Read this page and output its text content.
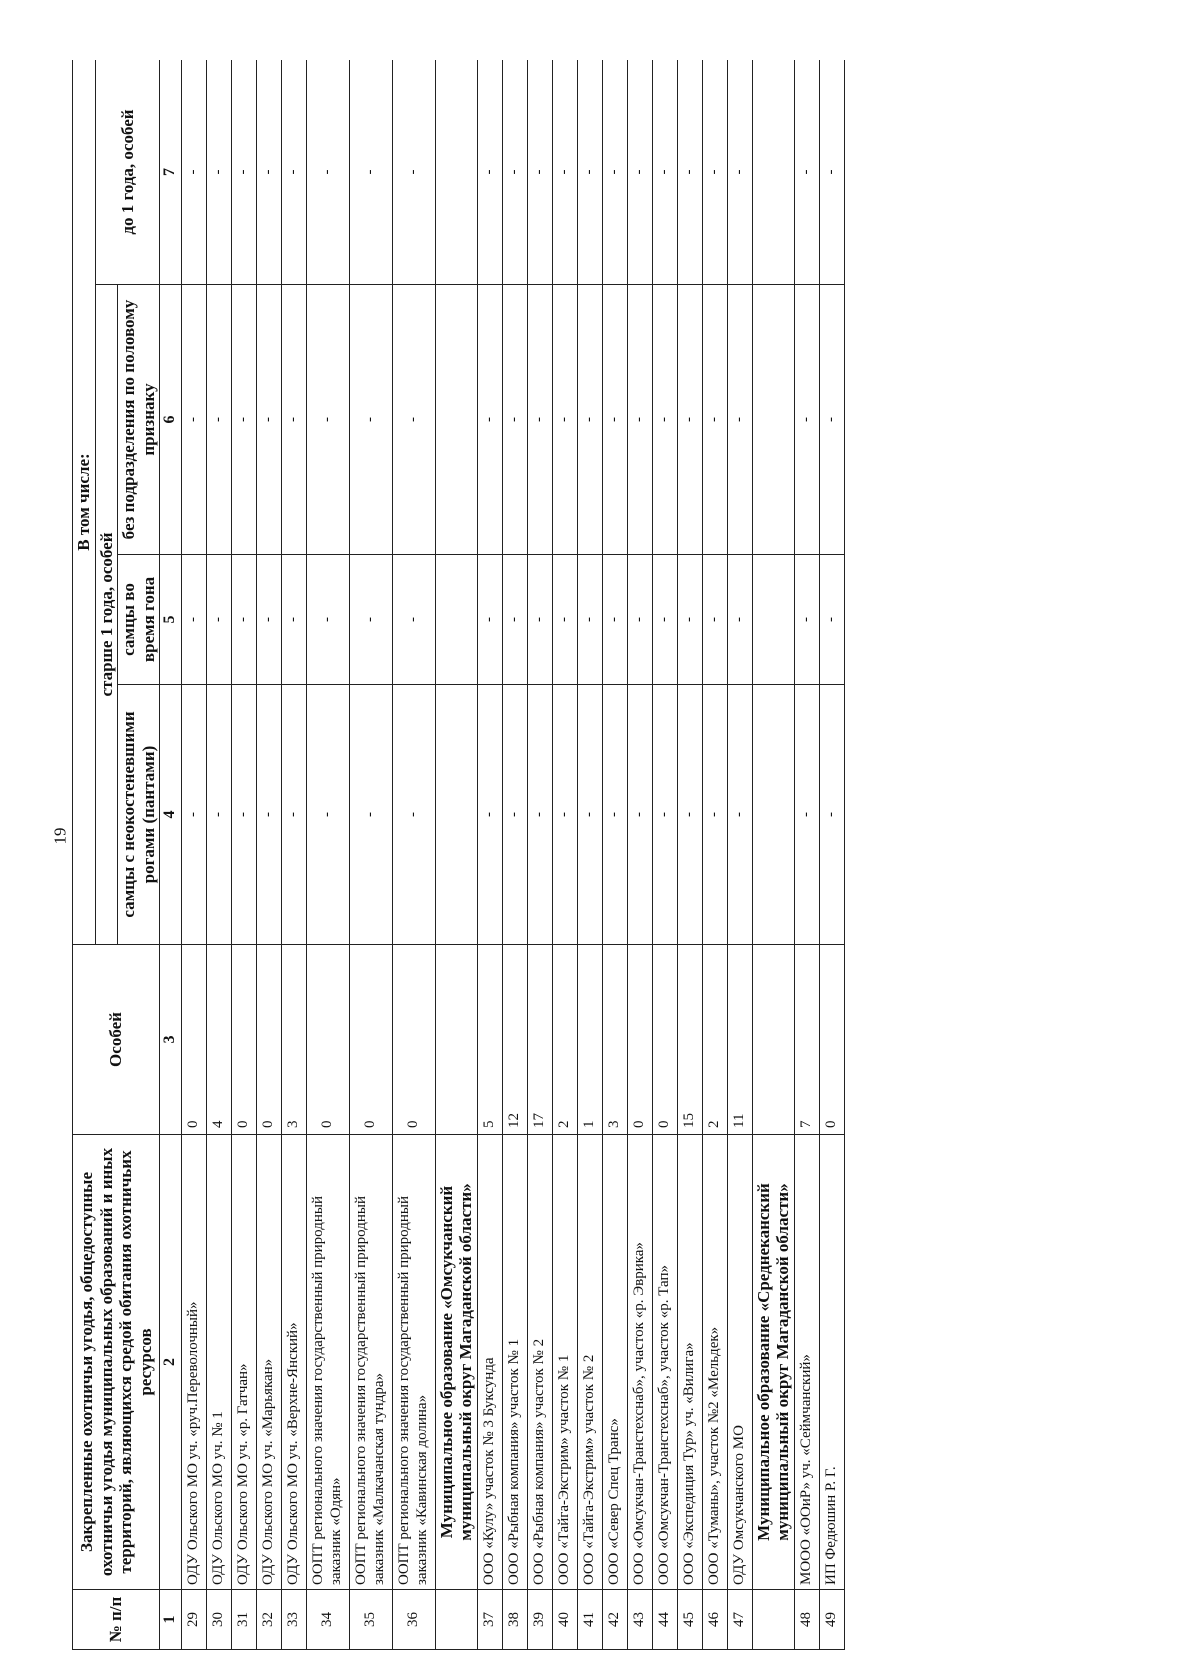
19
№ п/п	Закрепленные охотничьи угодья, общедоступные охотничьи угодья муниципальных образований и иных территорий, являющихся средой обитания охотничьих ресурсов	Особей	В том числе:			
			старше 1 года, особей			до 1 года, особей
			самцы с неокостеневшими рогами (пантами)	самцы во время гона	без подразделения по половому признаку	
1	2	3	4	5	6	7
29	ОДУ Ольского МО уч. «руч.Переволочный»	0	-	-	-	-
30	ОДУ Ольского МО уч. № 1	4	-	-	-	-
31	ОДУ Ольского МО уч. «р. Гатчан»	0	-	-	-	-
32	ОДУ Ольского МО уч. «Марьякан»	0	-	-	-	-
33	ОДУ Ольского МО уч. «Верхне-Янский»	3	-	-	-	-
34	ООПТ регионального значения государственный природный заказник «Одян»	0	-	-	-	-
35	ООПТ регионального значения государственный природный заказник «Малкачанская тундра»	0	-	-	-	-
36	ООПТ регионального значения государственный природный заказник «Кавинская долина»	0	-	-	-	-
	Муниципальное образование «Омсукчанский муниципальный округ Магаданской области»					
37	ООО «Кулу» участок № 3 Буксунда	5	-	-	-	-
38	ООО «Рыбная компания» участок № 1	12	-	-	-	-
39	ООО «Рыбная компания» участок № 2	17	-	-	-	-
40	ООО «Тайга-Экстрим» участок № 1	2	-	-	-	-
41	ООО «Тайга-Экстрим» участок № 2	1	-	-	-	-
42	ООО «Север Спец Транс»	3	-	-	-	-
43	ООО «Омсукчан-Транстехснаб», участок «р. Эврика»	0	-	-	-	-
44	ООО «Омсукчан-Транстехснаб», участок «р. Тап»	0	-	-	-	-
45	ООО «Экспедиция Тур» уч. «Вилига»	15	-	-	-	-
46	ООО «Туманы», участок №2 «Мельдек»	2	-	-	-	-
47	ОДУ Омсукчанского МО	11	-	-	-	-
	Муниципальное образование «Среднеканский муниципальный округ Магаданской области»					
48	МООО «ООиР» уч. «Сеймчанский»	7	-	-	-	-
49	ИП Федюшин Р. Г.	0	-	-	-	-
